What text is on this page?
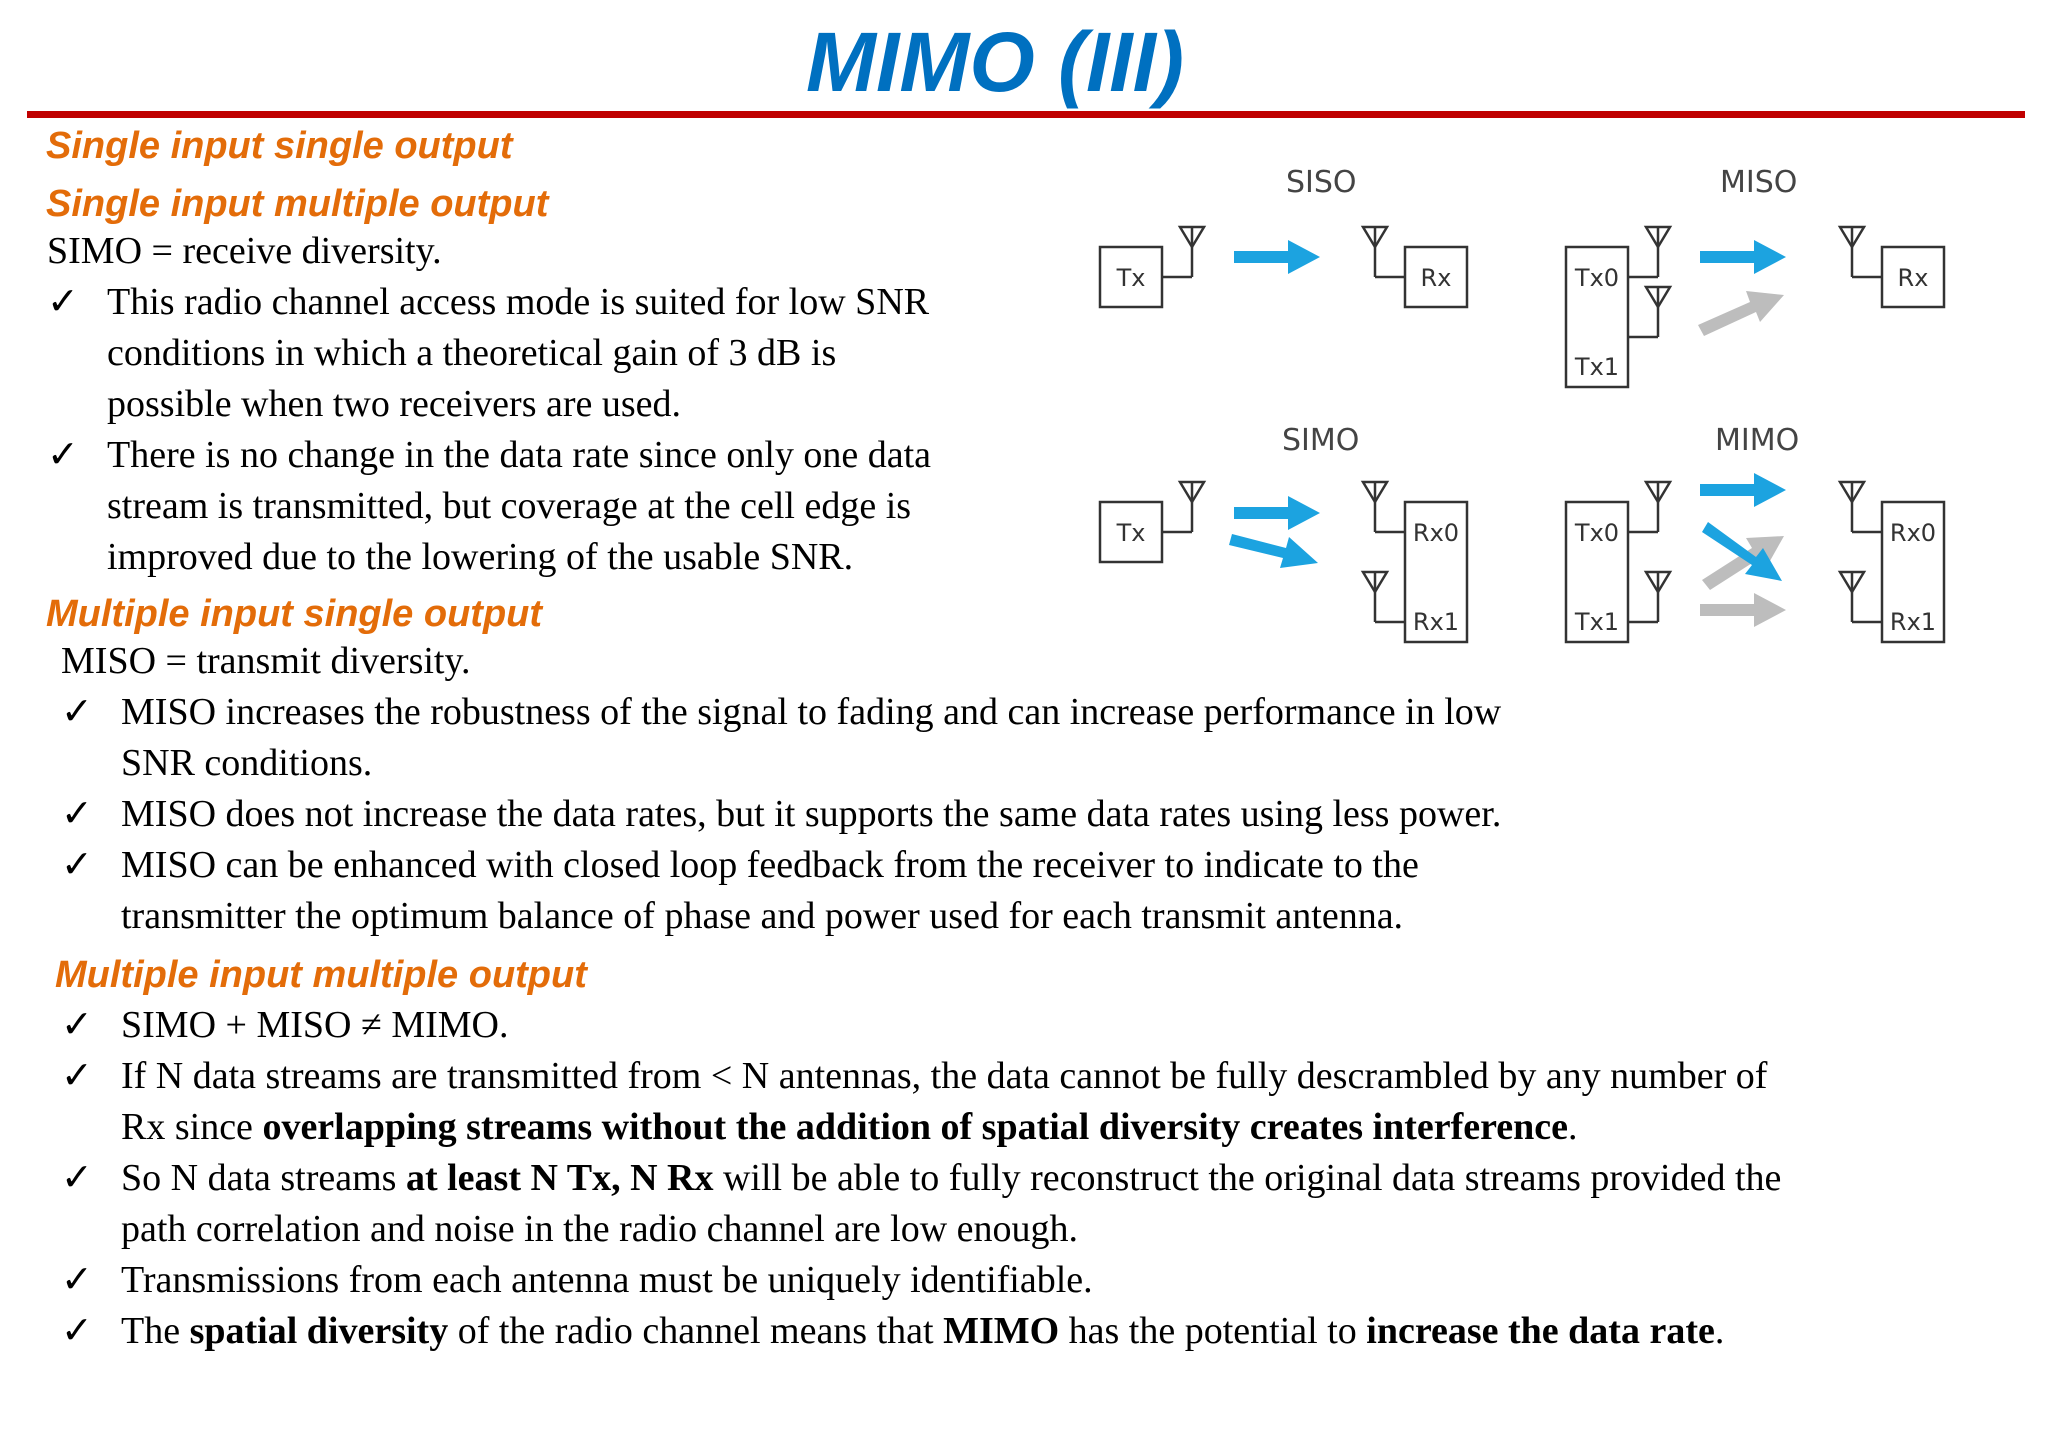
MIMO (III)
Single input single output
Single input multiple output
SIMO = receive diversity.
✓ This radio channel access mode is suited for low SNR
conditions in which a theoretical gain of 3 dB is
possible when two receivers are used.
✓ There is no change in the data rate since only one data
stream is transmitted, but coverage at the cell edge is
improved due to the lowering of the usable SNR.
Multiple input single output
MISO = transmit diversity.
✓ MISO increases the robustness of the signal to fading and can increase performance in low
SNR conditions.
✓ MISO does not increase the data rates, but it supports the same data rates using less power.
✓ MISO can be enhanced with closed loop feedback from the receiver to indicate to the
transmitter the optimum balance of phase and power used for each transmit antenna.
Multiple input multiple output
✓ SIMO + MISO ≠ MIMO.
✓ If N data streams are transmitted from < N antennas, the data cannot be fully descrambled by any number of
Rx since overlapping streams without the addition of spatial diversity creates interference.
✓ So N data streams at least N Tx, N Rx will be able to fully reconstruct the original data streams provided the
path correlation and noise in the radio channel are low enough.
✓ Transmissions from each antenna must be uniquely identifiable.
✓ The spatial diversity of the radio channel means that MIMO has the potential to increase the data rate.
SISO
Tx	Rx
MISO
Tx0
Tx1
Rx
SIMO
Tx	Rx0
Rx1
MIMO
Tx0
Tx1
Rx0
Rx1
